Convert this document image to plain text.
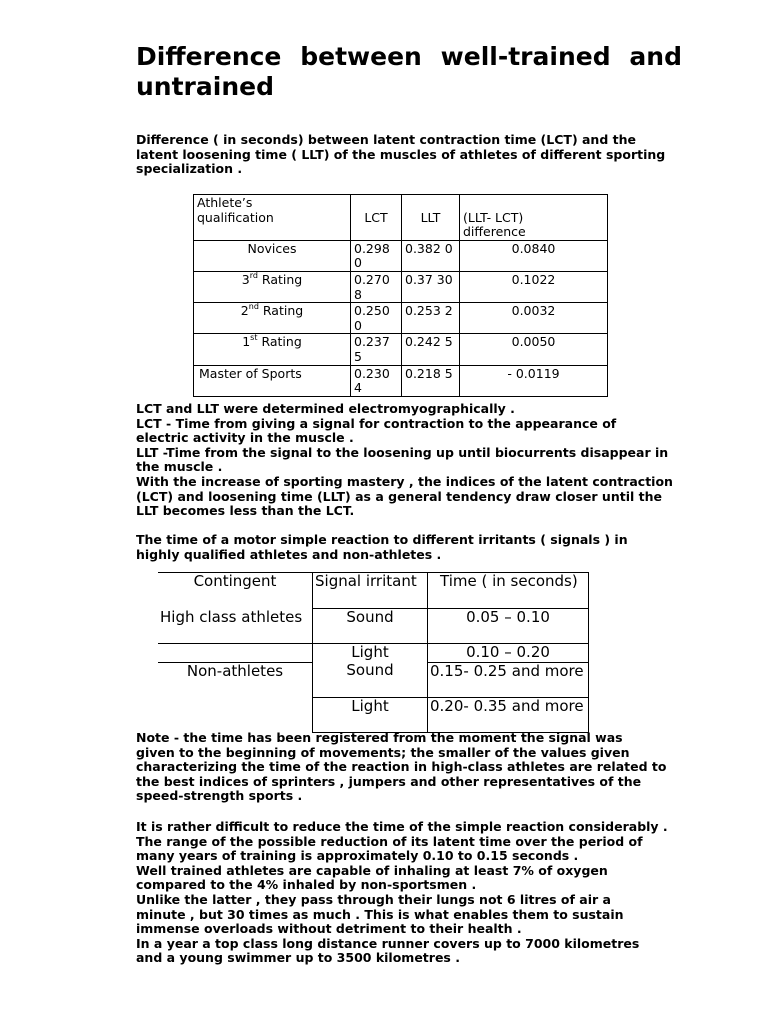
Difference between well-trained and untrained

Difference ( in seconds) between latent contraction time (LCT) and the
latent loosening time ( LLT) of the muscles of athletes of different sporting
specialization .

Athlete’s
qualification	LCT	LLT	(LLT- LCT)
difference
Novices	0.298 0	0.382 0	0.0840
3rd Rating	0.270 8	0.37 30	0.1022
2nd Rating	0.250 0	0.253 2	0.0032
1st Rating	0.237 5	0.242 5	0.0050
Master of Sports	0.230 4	0.218 5	- 0.0119

LCT and LLT were determined electromyographically .
LCT - Time from giving a signal for contraction to the appearance of
electric activity in the muscle .
LLT -Time from the signal to the loosening up until biocurrents disappear in
the muscle .
With the increase of sporting mastery , the indices of the latent contraction
(LCT) and loosening time (LLT) as a general tendency draw closer until the
LLT becomes less than the LCT.

The time of a motor simple reaction to different irritants ( signals ) in
highly qualified athletes and non-athletes .

Contingent	Signal irritant	Time ( in seconds)
High class athletes	Sound	0.05 – 0.10
	Light	0.10 – 0.20
Non-athletes	Sound	0.15- 0.25 and more
	Light	0.20- 0.35 and more

Note - the time has been registered from the moment the signal was
given to the beginning of movements; the smaller of the values given
characterizing the time of the reaction in high-class athletes are related to
the best indices of sprinters , jumpers and other representatives of the
speed-strength sports .

It is rather difficult to reduce the time of the simple reaction considerably .
The range of the possible reduction of its latent time over the period of
many years of training is approximately 0.10 to 0.15 seconds .
Well trained athletes are capable of inhaling at least 7% of oxygen
compared to the 4% inhaled by non-sportsmen .
Unlike the latter , they pass through their lungs not 6 litres of air a
minute , but 30 times as much . This is what enables them to sustain
immense overloads without detriment to their health .
In a year a top class long distance runner covers up to 7000 kilometres
and a young swimmer up to 3500 kilometres .
